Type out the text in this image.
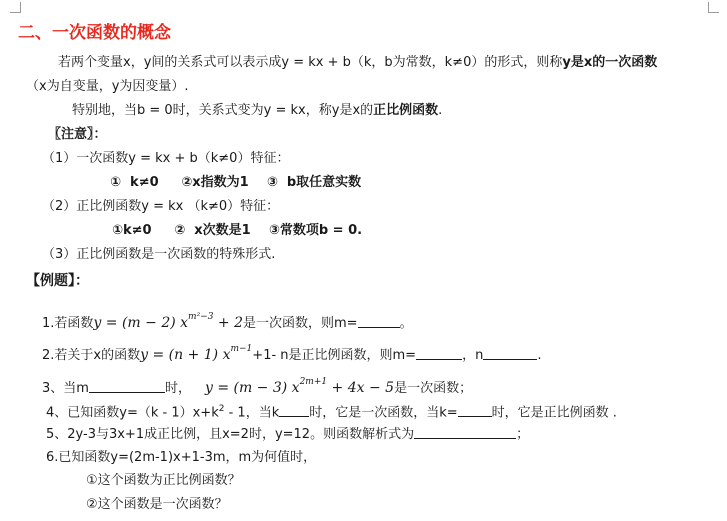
二、一次函数的概念
若两个变量x，y间的关系式可以表示成y = kx + b（k，b为常数，k≠0）的形式，则称y是x的一次函数
（x为自变量，y为因变量）.
特别地，当b = 0时，关系式变为y = kx，称y是x的正比例函数.
〖注意〗：
（1）一次函数y = kx + b（k≠0）特征：
①  k≠0     ②x指数为1    ③  b取任意实数
（2）正比例函数y = kx （k≠0）特征：
①k≠0     ②  x次数是1    ③常数项b = 0.
（3）正比例函数是一次函数的特殊形式.
【例题】：
1.若函数y = (m − 2) $x^{m^2-3} + 2$是一次函数，则m=	。
2.若关于x的函数y = (n + 1) $x^{m-1}+1-$ n是正比例函数，则m=	，n	.
3、当m	时， y = (m − 3) $x^{2m+1} + 4x - 5$是一次函数；
4、已知函数$y=(k - 1)x+k^2 - 1$，当k 时，它是一次函数，当k=	时，它是正比例函数 .
5、2y-3与3x+1成正比例，且x=2时，y=12。则函数解析式为	；
6.已知函数y=(2m-1)x+1-3m，m为何值时，
①这个函数为正比例函数？
②这个函数是一次函数？
